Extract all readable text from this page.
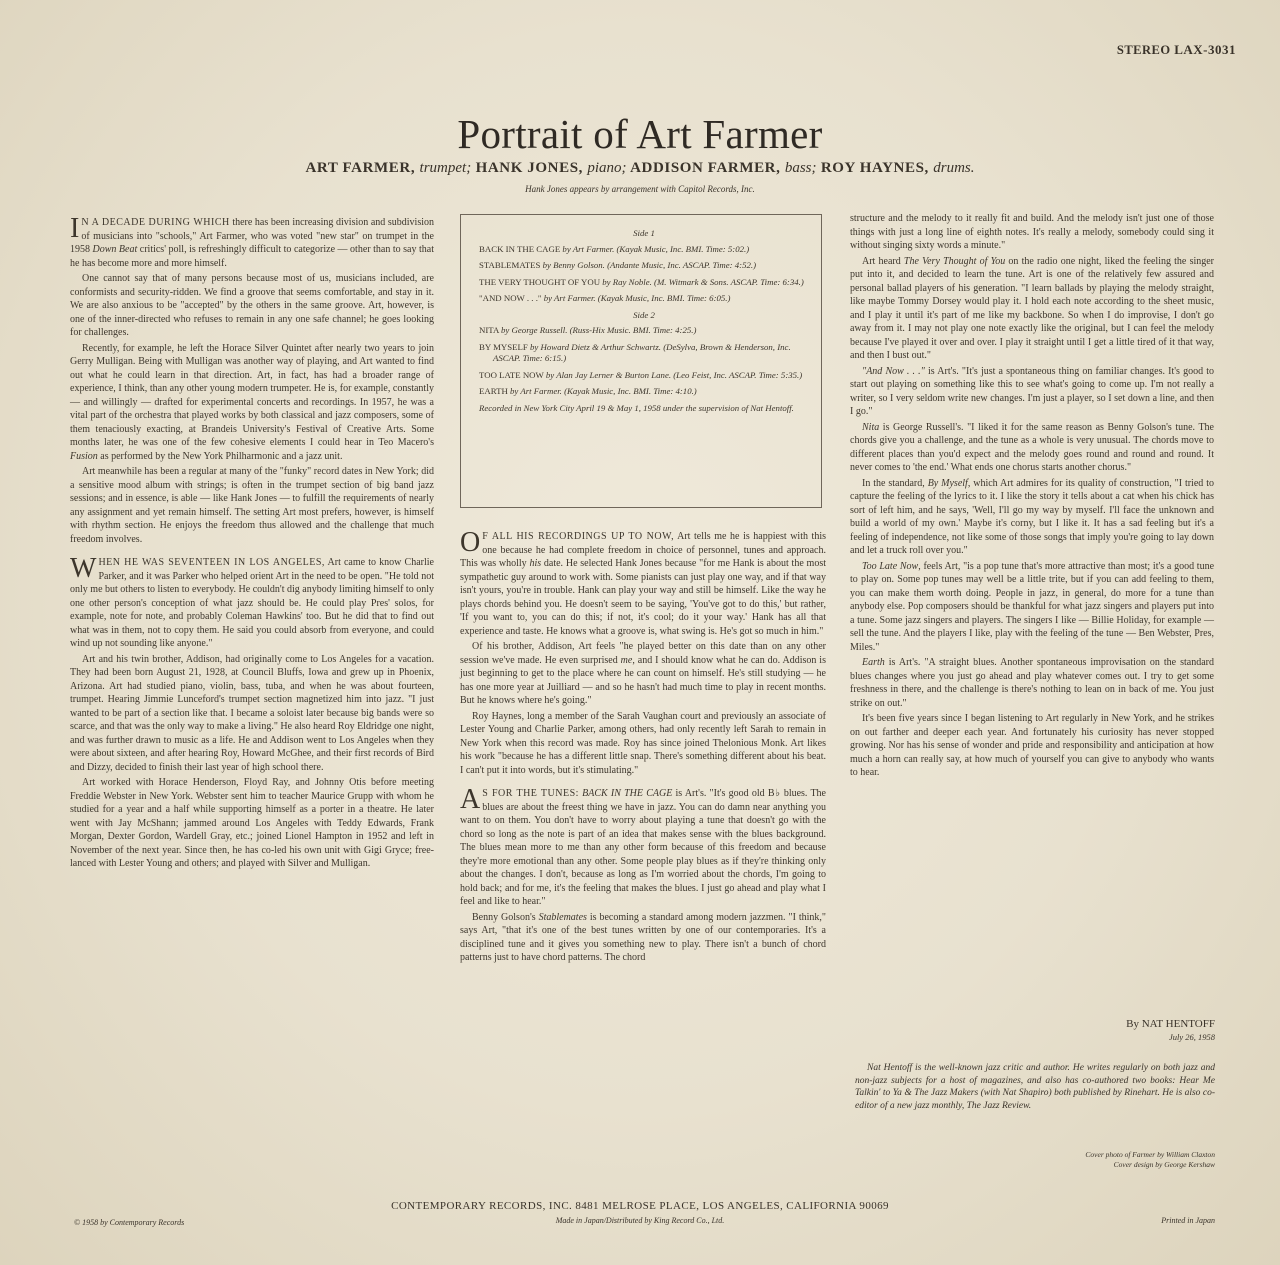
STEREO LAX-3031
Portrait of Art Farmer
ART FARMER, trumpet; HANK JONES, piano; ADDISON FARMER, bass; ROY HAYNES, drums.
Hank Jones appears by arrangement with Capitol Records, Inc.

I N A DECADE DURING WHICH there has been increasing division and subdivision of musicians into "schools," Art Farmer, who was voted "new star" on trumpet in the 1958 Down Beat critics' poll, is refreshingly difficult to categorize — other than to say that he has become more and more himself.

One cannot say that of many persons because most of us, musicians included, are conformists and security-ridden. We find a groove that seems comfortable, and stay in it. We are also anxious to be "accepted" by the others in the same groove. Art, however, is one of the inner-directed who refuses to remain in any one safe channel; he goes looking for challenges.

Recently, for example, he left the Horace Silver Quintet after nearly two years to join Gerry Mulligan. Being with Mulligan was another way of playing, and Art wanted to find out what he could learn in that direction. Art, in fact, has had a broader range of experience, I think, than any other young modern trumpeter. He is, for example, constantly — and willingly — drafted for experimental concerts and recordings. In 1957, he was a vital part of the orchestra that played works by both classical and jazz composers, some of them tenaciously exacting, at Brandeis University's Festival of Creative Arts. Some months later, he was one of the few cohesive elements I could hear in Teo Macero's Fusion as performed by the New York Philharmonic and a jazz unit.

Art meanwhile has been a regular at many of the "funky" record dates in New York; did a sensitive mood album with strings; is often in the trumpet section of big band jazz sessions; and in essence, is able — like Hank Jones — to fulfill the requirements of nearly any assignment and yet remain himself. The setting Art most prefers, however, is himself with rhythm section. He enjoys the freedom thus allowed and the challenge that much freedom involves.

WHEN HE WAS SEVENTEEN IN LOS ANGELES, Art came to know Charlie Parker, and it was Parker who helped orient Art in the need to be open. "He told not only me but others to listen to everybody. He couldn't dig anybody limiting himself to only one other person's conception of what jazz should be. He could play Pres' solos, for example, note for note, and probably Coleman Hawkins' too. But he did that to find out what was in them, not to copy them. He said you could absorb from everyone, and could wind up not sounding like anyone."

Art and his twin brother, Addison, had originally come to Los Angeles for a vacation. They had been born August 21, 1928, at Council Bluffs, Iowa and grew up in Phoenix, Arizona. Art had studied piano, violin, bass, tuba, and when he was about fourteen, trumpet. Hearing Jimmie Lunceford's trumpet section magnetized him into jazz. "I just wanted to be part of a section like that. I became a soloist later because big bands were so scarce, and that was the only way to make a living." He also heard Roy Eldridge one night, and was further drawn to music as a life. He and Addison went to Los Angeles when they were about sixteen, and after hearing Roy, Howard McGhee, and their first records of Bird and Dizzy, decided to finish their last year of high school there.

Art worked with Horace Henderson, Floyd Ray, and Johnny Otis before meeting Freddie Webster in New York. Webster sent him to teacher Maurice Grupp with whom he studied for a year and a half while supporting himself as a porter in a theatre. He later went with Jay McShann; jammed around Los Angeles with Teddy Edwards, Frank Morgan, Dexter Gordon, Wardell Gray, etc.; joined Lionel Hampton in 1952 and left in November of the next year. Since then, he has co-led his own unit with Gigi Gryce; free-lanced with Lester Young and others; and played with Silver and Mulligan.

Side 1
BACK IN THE CAGE by Art Farmer. (Kayak Music, Inc. BMI. Time: 5:02.)
STABLEMATES by Benny Golson. (Andante Music, Inc. ASCAP. Time: 4:52.)
THE VERY THOUGHT OF YOU by Ray Noble. (M. Witmark & Sons. ASCAP. Time: 6:34.)
"AND NOW . . ." by Art Farmer. (Kayak Music, Inc. BMI. Time: 6:05.)
Side 2
NITA by George Russell. (Russ-Hix Music. BMI. Time: 4:25.)
BY MYSELF by Howard Dietz & Arthur Schwartz. (DeSylva, Brown & Henderson, Inc. ASCAP. Time: 6:15.)
TOO LATE NOW by Alan Jay Lerner & Burton Lane. (Leo Feist, Inc. ASCAP. Time: 5:35.)
EARTH by Art Farmer. (Kayak Music, Inc. BMI. Time: 4:10.)
Recorded in New York City April 19 & May 1, 1958 under the supervision of Nat Hentoff.

O F ALL HIS RECORDINGS UP TO NOW, Art tells me he is happiest with this one because he had complete freedom in choice of personnel, tunes and approach. This was wholly his date. He selected Hank Jones because "for me Hank is about the most sympathetic guy around to work with. Some pianists can just play one way, and if that way isn't yours, you're in trouble. Hank can play your way and still be himself. Like the way he plays chords behind you. He doesn't seem to be saying, 'You've got to do this,' but rather, 'If you want to, you can do this; if not, it's cool; do it your way.' Hank has all that experience and taste. He knows what a groove is, what swing is. He's got so much in him."

Of his brother, Addison, Art feels "he played better on this date than on any other session we've made. He even surprised me, and I should know what he can do. Addison is just beginning to get to the place where he can count on himself. He's still studying — he has one more year at Juilliard — and so he hasn't had much time to play in recent months. But he knows where he's going."

Roy Haynes, long a member of the Sarah Vaughan court and previously an associate of Lester Young and Charlie Parker, among others, had only recently left Sarah to remain in New York when this record was made. Roy has since joined Thelonious Monk. Art likes his work "because he has a different little snap. There's something different about his beat. I can't put it into words, but it's stimulating."

A S FOR THE TUNES: BACK IN THE CAGE is Art's. "It's good old B♭ blues. The blues are about the freest thing we have in jazz. You can do damn near anything you want to on them. You don't have to worry about playing a tune that doesn't go with the chord so long as the note is part of an idea that makes sense with the blues background. The blues mean more to me than any other form because of this freedom and because they're more emotional than any other. Some people play blues as if they're thinking only about the changes. I don't, because as long as I'm worried about the chords, I'm going to hold back; and for me, it's the feeling that makes the blues. I just go ahead and play what I feel and like to hear."

Benny Golson's Stablemates is becoming a standard among modern jazzmen. "I think," says Art, "that it's one of the best tunes written by one of our contemporaries. It's a disciplined tune and it gives you something new to play. There isn't a bunch of chord patterns just to have chord patterns. The chord

structure and the melody to it really fit and build. And the melody isn't just one of those things with just a long line of eighth notes. It's really a melody, somebody could sing it without singing sixty words a minute."

Art heard The Very Thought of You on the radio one night, liked the feeling the singer put into it, and decided to learn the tune. Art is one of the relatively few assured and personal ballad players of his generation. "I learn ballads by playing the melody straight, like maybe Tommy Dorsey would play it. I hold each note according to the sheet music, and I play it until it's part of me like my backbone. So when I do improvise, I don't go away from it. I may not play one note exactly like the original, but I can feel the melody because I've played it over and over. I play it straight until I get a little tired of it that way, and then I bust out."

"And Now . . ." is Art's. "It's just a spontaneous thing on familiar changes. It's good to start out playing on something like this to see what's going to come up. I'm not really a writer, so I very seldom write new changes. I'm just a player, so I set down a line, and then I go."

Nita is George Russell's. "I liked it for the same reason as Benny Golson's tune. The chords give you a challenge, and the tune as a whole is very unusual. The chords move to different places than you'd expect and the melody goes round and round and round. It never comes to 'the end.' What ends one chorus starts another chorus."

In the standard, By Myself, which Art admires for its quality of construction, "I tried to capture the feeling of the lyrics to it. I like the story it tells about a cat when his chick has sort of left him, and he says, 'Well, I'll go my way by myself. I'll face the unknown and build a world of my own.' Maybe it's corny, but I like it. It has a sad feeling but it's a feeling of independence, not like some of those songs that imply you're going to lay down and let a truck roll over you."

Too Late Now, feels Art, "is a pop tune that's more attractive than most; it's a good tune to play on. Some pop tunes may well be a little trite, but if you can add feeling to them, you can make them worth doing. People in jazz, in general, do more for a tune than anybody else. Pop composers should be thankful for what jazz singers and players put into a tune. Some jazz singers and players. The singers I like — Billie Holiday, for example — sell the tune. And the players I like, play with the feeling of the tune — Ben Webster, Pres, Miles."

Earth is Art's. "A straight blues. Another spontaneous improvisation on the standard blues changes where you just go ahead and play whatever comes out. I try to get some freshness in there, and the challenge is there's nothing to lean on in back of me. You just strike on out."

It's been five years since I began listening to Art regularly in New York, and he strikes on out farther and deeper each year. And fortunately his curiosity has never stopped growing. Nor has his sense of wonder and pride and responsibility and anticipation at how much a horn can really say, at how much of yourself you can give to anybody who wants to hear.

By NAT HENTOFF
July 26, 1958
Nat Hentoff is the well-known jazz critic and author. He writes regularly on both jazz and non-jazz subjects for a host of magazines, and also has co-authored two books: Hear Me Talkin' to Ya & The Jazz Makers (with Nat Shapiro) both published by Rinehart. He is also co-editor of a new jazz monthly, The Jazz Review.
Cover photo of Farmer by William Claxton
Cover design by George Kershaw
CONTEMPORARY RECORDS, INC. 8481 MELROSE PLACE, LOS ANGELES, CALIFORNIA 90069
Made in Japan/Distributed by King Record Co., Ltd.
© 1958 by Contemporary Records	Printed in Japan
